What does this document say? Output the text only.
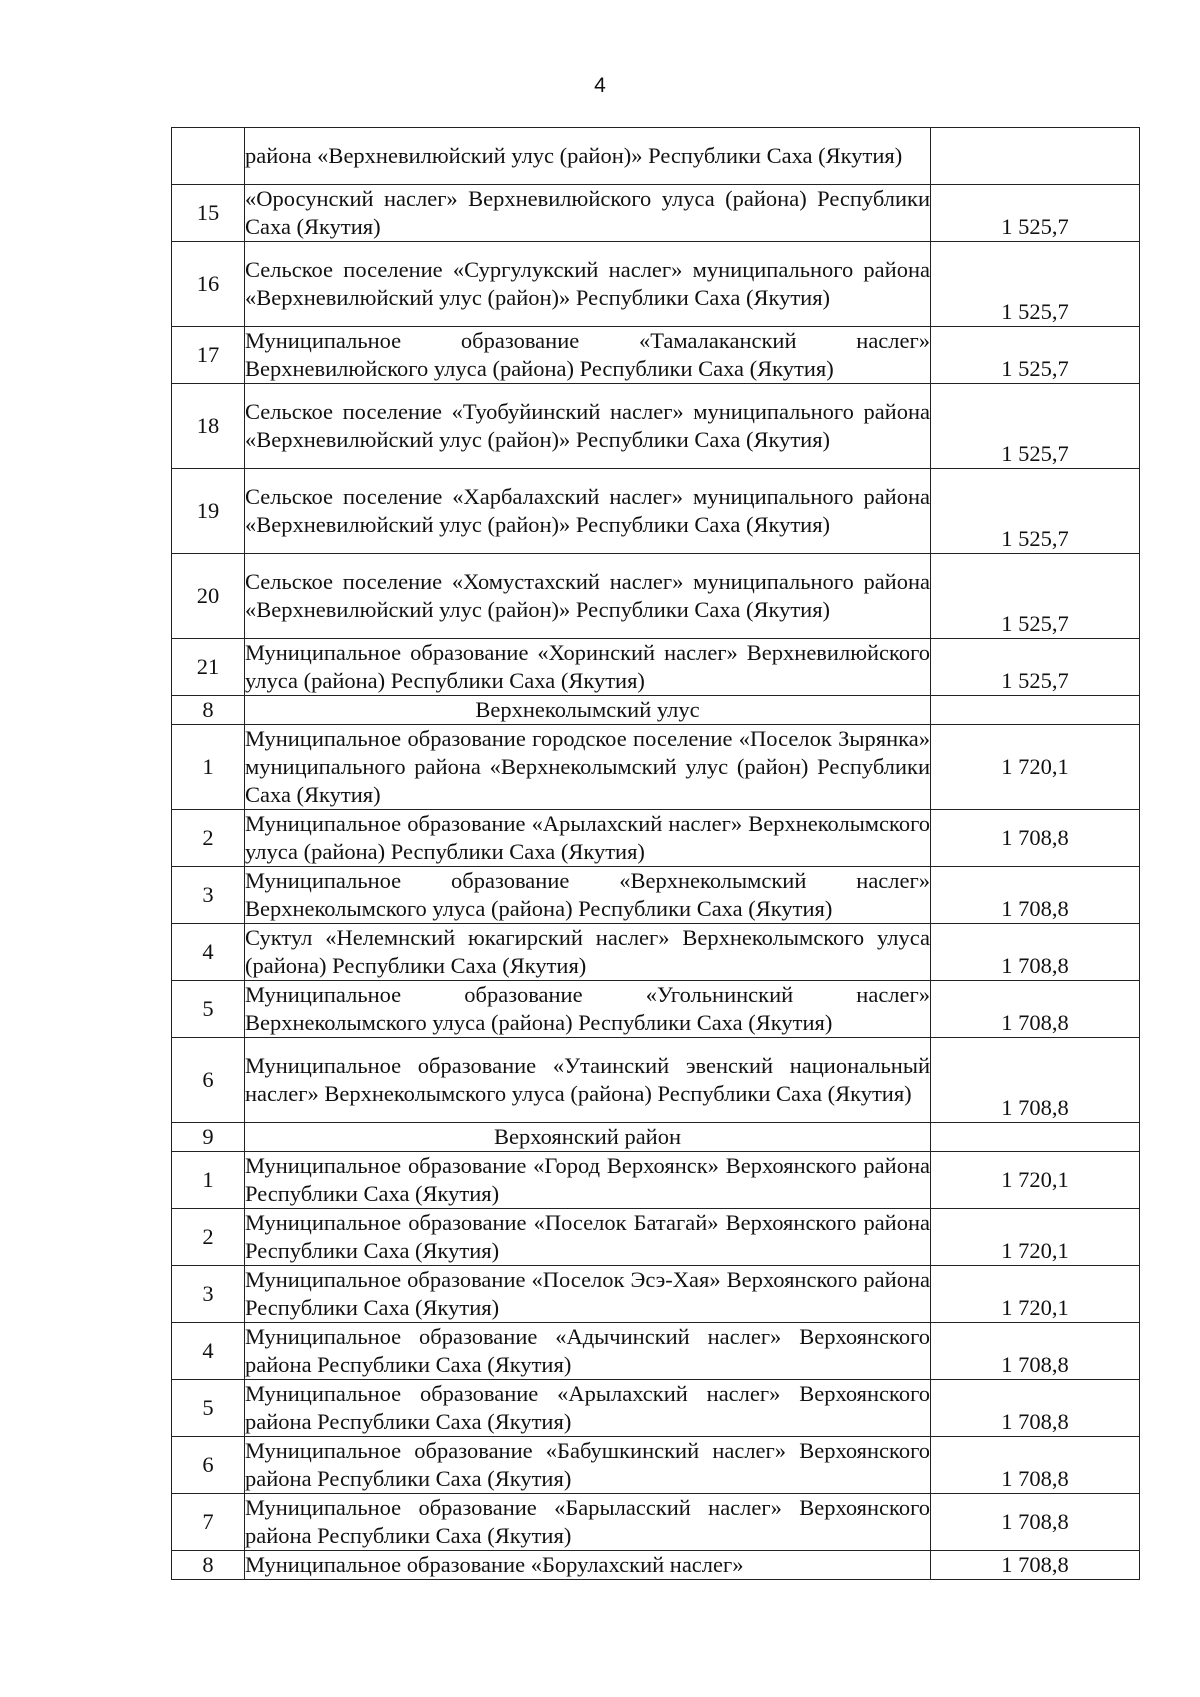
4
	района «Верхневилюйский улус (район)» Республики Саха (Якутия)	
15	«Оросунский наслег» Верхневилюйского улуса (района) Республики Саха (Якутия)	1 525,7
16	Сельское поселение «Сургулукский наслег» муниципального района «Верхневилюйский улус (район)» Республики Саха (Якутия)	1 525,7
17	Муниципальное образование «Тамалаканский наслег» Верхневилюйского улуса (района) Республики Саха (Якутия)	1 525,7
18	Сельское поселение «Туобуйинский наслег» муниципального района «Верхневилюйский улус (район)» Республики Саха (Якутия)	1 525,7
19	Сельское поселение «Харбалахский наслег» муниципального района «Верхневилюйский улус (район)» Республики Саха (Якутия)	1 525,7
20	Сельское поселение «Хомустахский наслег» муниципального района «Верхневилюйский улус (район)» Республики Саха (Якутия)	1 525,7
21	Муниципальное образование «Хоринский наслег» Верхневилюйского улуса (района) Республики Саха (Якутия)	1 525,7
8	Верхнеколымский улус	
1	Муниципальное образование городское поселение «Поселок Зырянка» муниципального района «Верхнеколымский улус (район) Республики Саха (Якутия)	1 720,1
2	Муниципальное образование «Арылахский наслег» Верхнеколымского улуса (района) Республики Саха (Якутия)	1 708,8
3	Муниципальное образование «Верхнеколымский наслег» Верхнеколымского улуса (района) Республики Саха (Якутия)	1 708,8
4	Суктул «Нелемнский юкагирский наслег» Верхнеколымского улуса (района) Республики Саха (Якутия)	1 708,8
5	Муниципальное образование «Угольнинский наслег» Верхнеколымского улуса (района) Республики Саха (Якутия)	1 708,8
6	Муниципальное образование «Утаинский эвенский национальный наслег» Верхнеколымского улуса (района) Республики Саха (Якутия)	1 708,8
9	Верхоянский район	
1	Муниципальное образование «Город Верхоянск» Верхоянского района Республики Саха (Якутия)	1 720,1
2	Муниципальное образование «Поселок Батагай» Верхоянского района Республики Саха (Якутия)	1 720,1
3	Муниципальное образование «Поселок Эсэ-Хая» Верхоянского района Республики Саха (Якутия)	1 720,1
4	Муниципальное образование «Адычинский наслег» Верхоянского района Республики Саха (Якутия)	1 708,8
5	Муниципальное образование «Арылахский наслег» Верхоянского района Республики Саха (Якутия)	1 708,8
6	Муниципальное образование «Бабушкинский наслег» Верхоянского района Республики Саха (Якутия)	1 708,8
7	Муниципальное образование «Барыласский наслег» Верхоянского района Республики Саха (Якутия)	1 708,8
8	Муниципальное образование «Борулахский наслег»	1 708,8
